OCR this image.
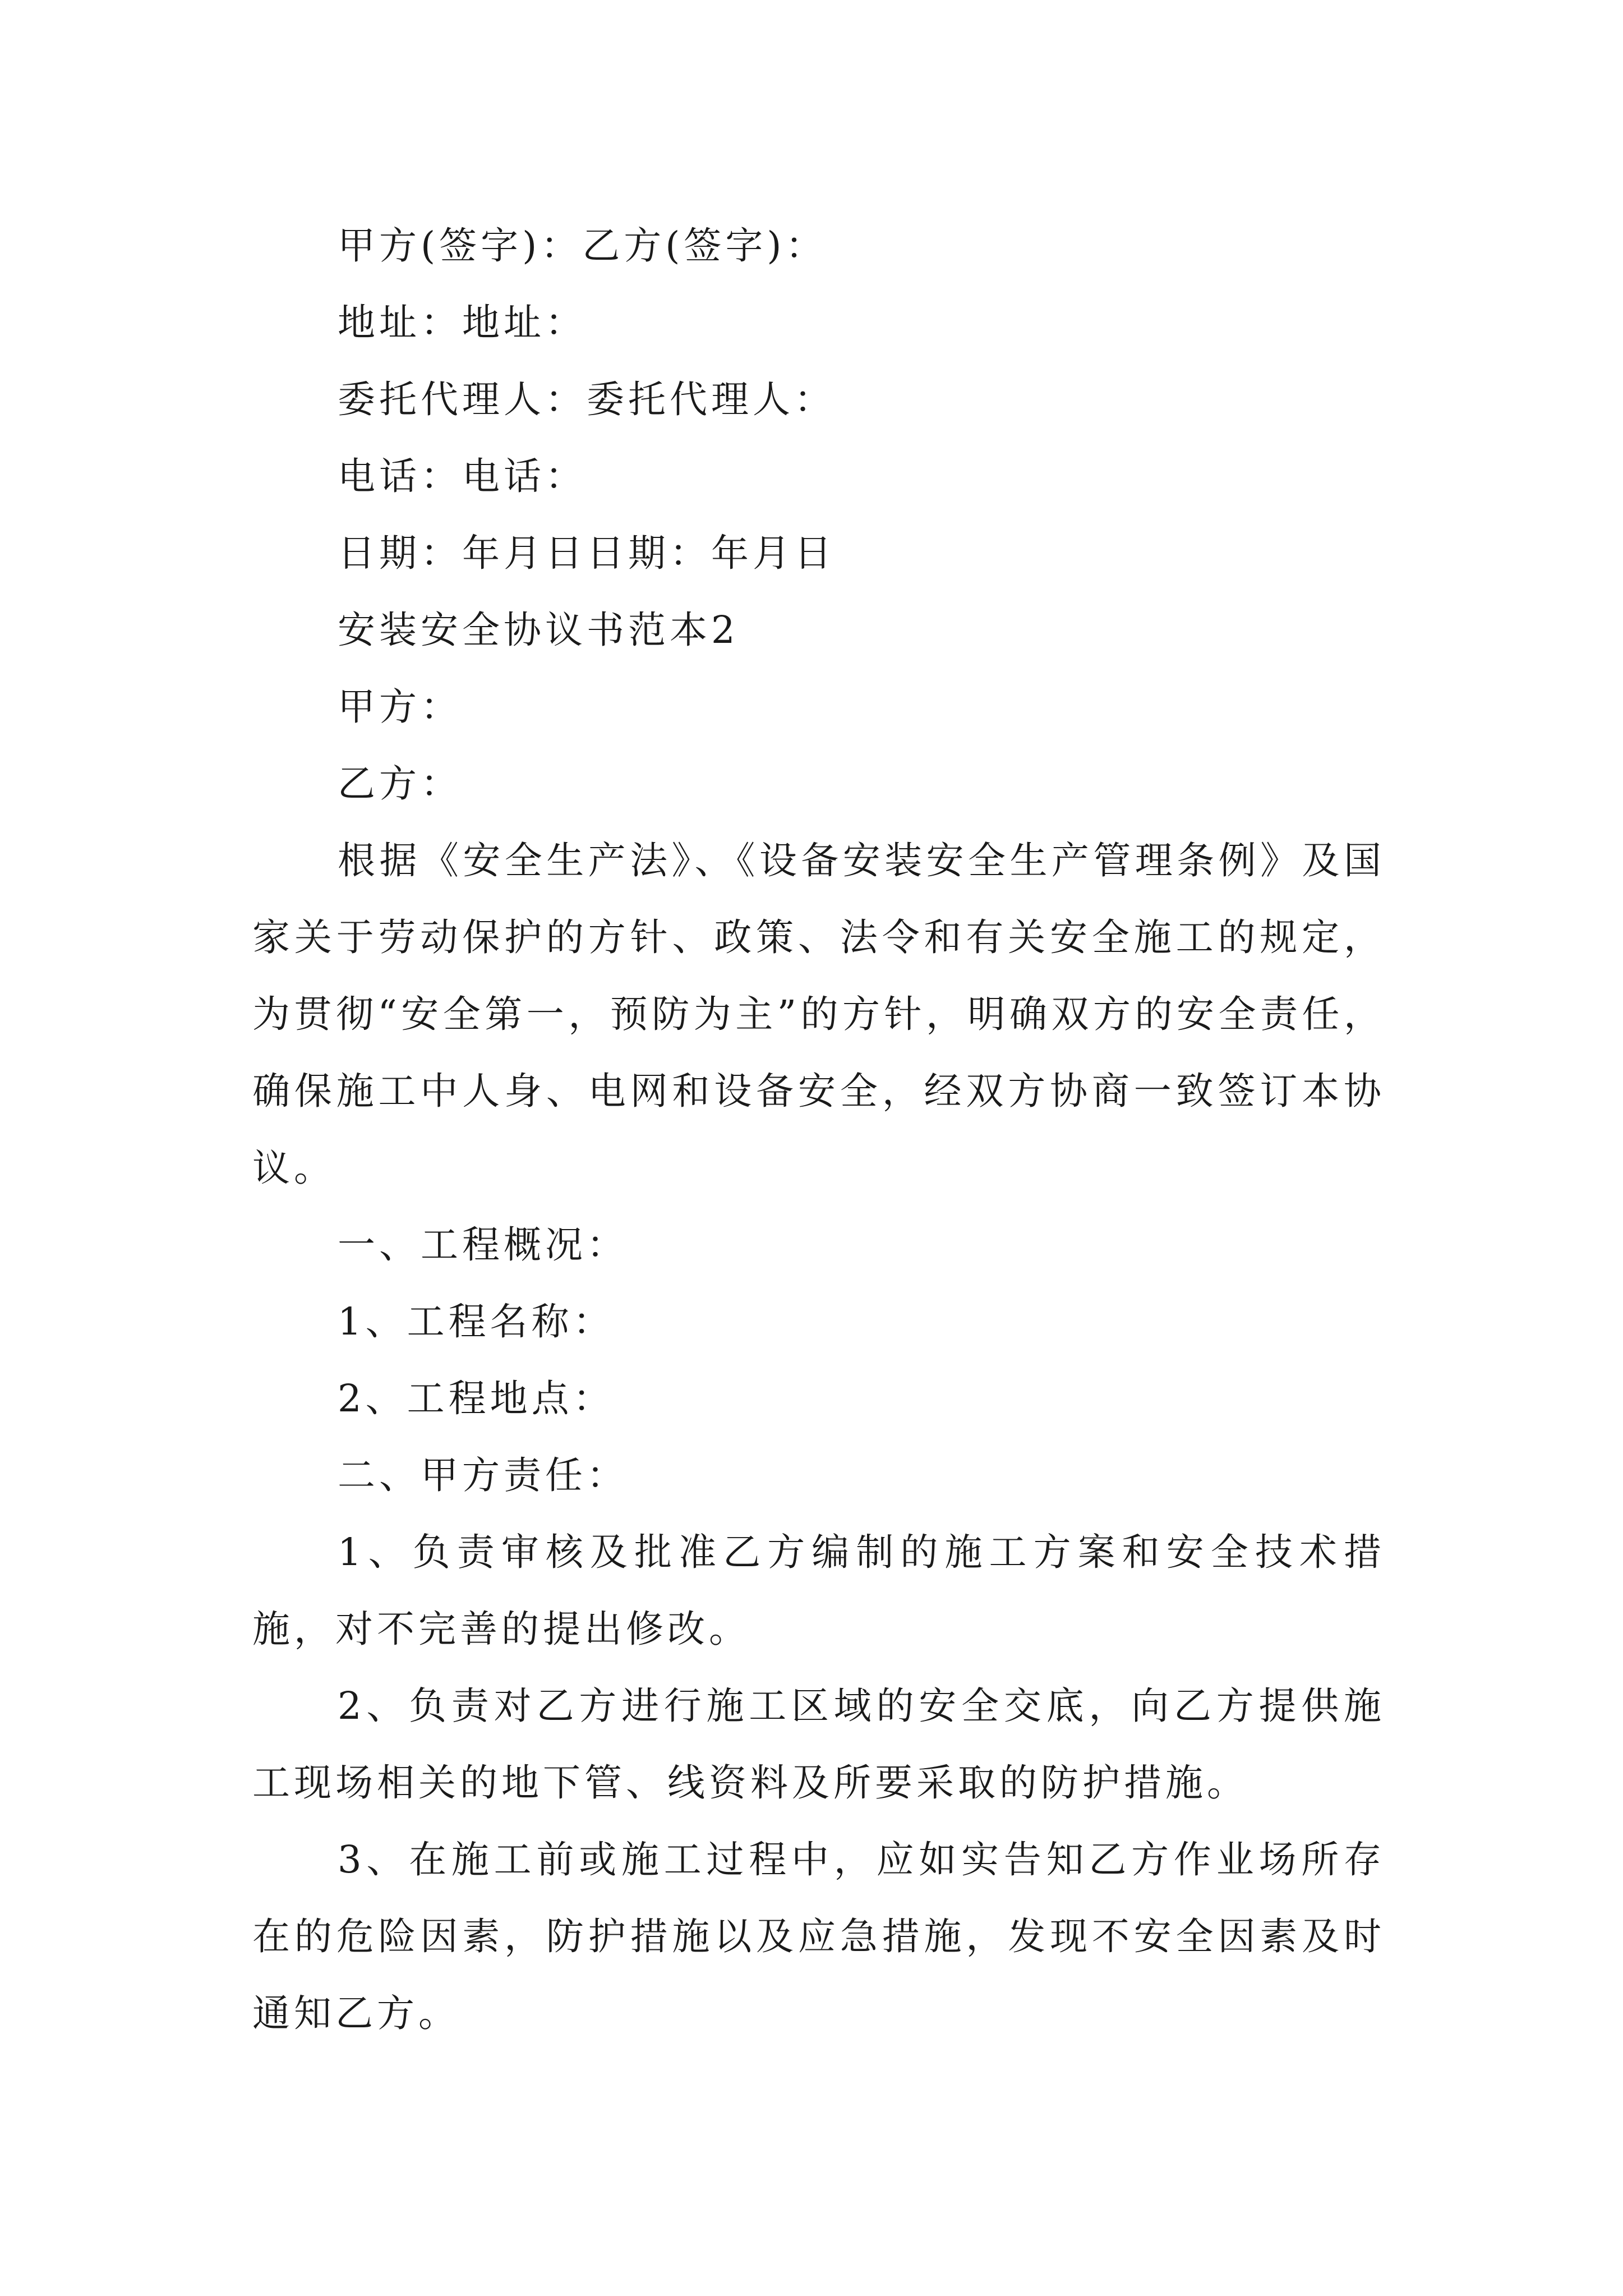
甲方(签字)：乙方(签字)：
地址：地址：
委托代理人：委托代理人：
电话：电话：
日期：年月日日期：年月日
安装安全协议书范本2
甲方：
乙方：
根据《安全生产法》、《设备安装安全生产管理条例》及国家关于劳动保护的方针、政策、法令和有关安全施工的规定，为贯彻“安全第一，预防为主”的方针，明确双方的安全责任，确保施工中人身、电网和设备安全，经双方协商一致签订本协议。
一、工程概况：
1、工程名称：
2、工程地点：
二、甲方责任：
1、负责审核及批准乙方编制的施工方案和安全技术措施，对不完善的提出修改。
2、负责对乙方进行施工区域的安全交底，向乙方提供施工现场相关的地下管、线资料及所要采取的防护措施。
3、在施工前或施工过程中，应如实告知乙方作业场所存在的危险因素，防护措施以及应急措施，发现不安全因素及时通知乙方。
